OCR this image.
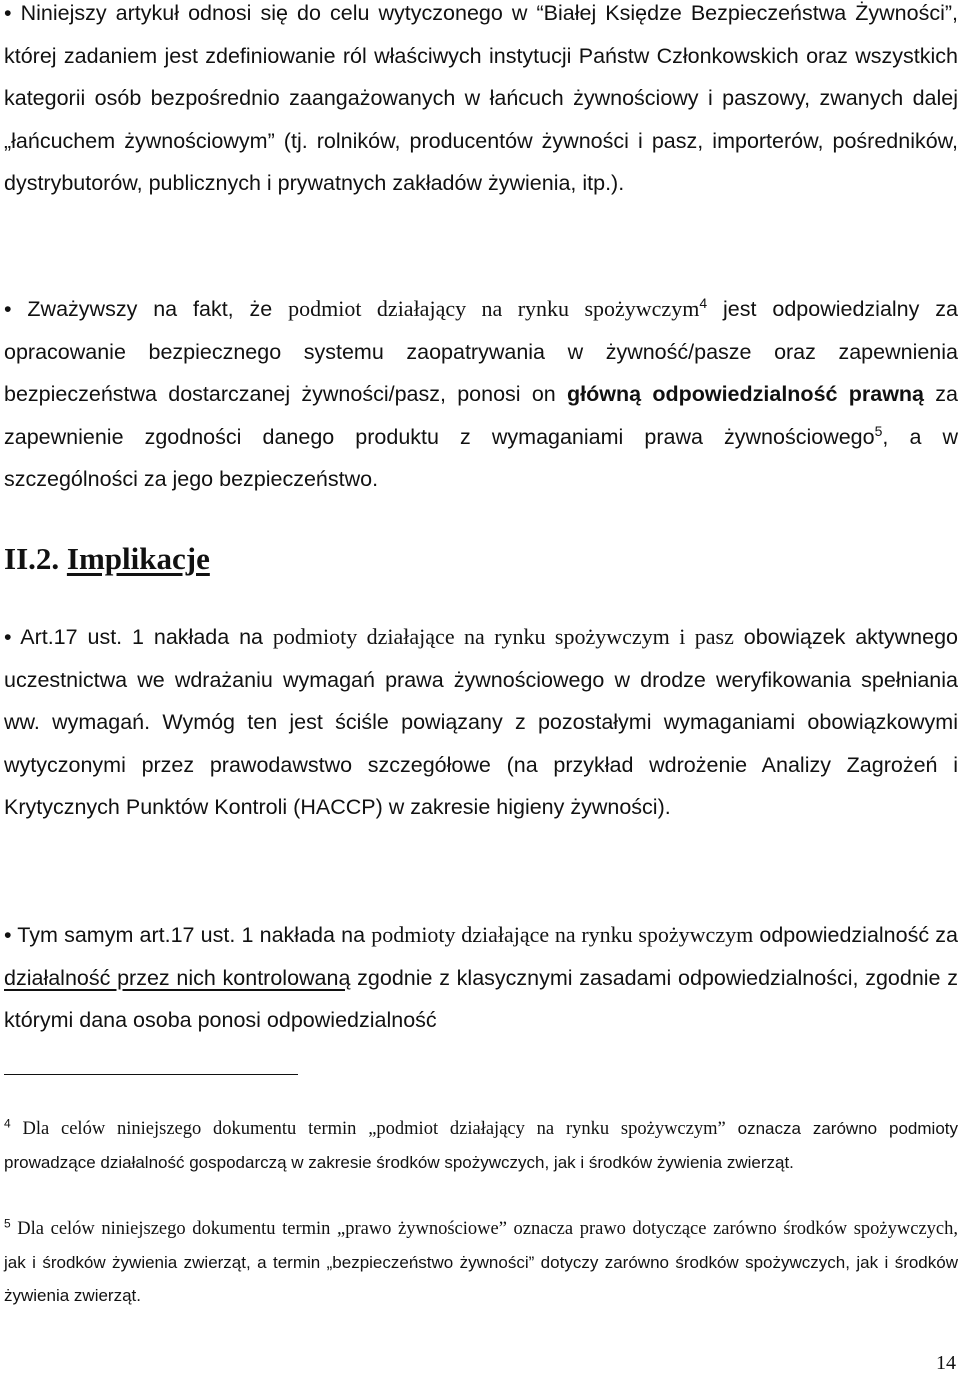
• Niniejszy artykuł odnosi się do celu wytyczonego w “Białej Księdze Bezpieczeństwa Żywności”, której zadaniem jest zdefiniowanie ról właściwych instytucji Państw Członkowskich oraz wszystkich kategorii osób bezpośrednio zaangażowanych w łańcuch żywnościowy i paszowy, zwanych dalej „łańcuchem żywnościowym” (tj. rolników, producentów żywności i pasz, importerów, pośredników, dystrybutorów, publicznych i prywatnych zakładów żywienia, itp.).
• Zważywszy na fakt, że podmiot działający na rynku spożywczym$^4$ jest odpowiedzialny za opracowanie bezpiecznego systemu zaopatrywania w żywność/pasze oraz zapewnienia bezpieczeństwa dostarczanej żywności/pasz, ponosi on główną odpowiedzialność prawną za zapewnienie zgodności danego produktu z wymaganiami prawa żywnościowego$^5$, a w szczególności za jego bezpieczeństwo.
II.2. Implikacje
• Art.17 ust. 1 nakłada na podmioty działające na rynku spożywczym i pasz obowiązek aktywnego uczestnictwa we wdrażaniu wymagań prawa żywnościowego w drodze weryfikowania spełniania ww. wymagań. Wymóg ten jest ściśle powiązany z pozostałymi wymaganiami obowiązkowymi wytyczonymi przez prawodawstwo szczegółowe (na przykład wdrożenie Analizy Zagrożeń i Krytycznych Punktów Kontroli (HACCP) w zakresie higieny żywności).
• Tym samym art.17 ust. 1 nakłada na podmioty działające na rynku spożywczym odpowiedzialność za działalność przez nich kontrolowaną zgodnie z klasycznymi zasadami odpowiedzialności, zgodnie z którymi dana osoba ponosi odpowiedzialność
$^4$ Dla celów niniejszego dokumentu termin „podmiot działający na rynku spożywczym” oznacza zarówno podmioty prowadzące działalność gospodarczą w zakresie środków spożywczych, jak i środków żywienia zwierząt.
$^5$ Dla celów niniejszego dokumentu termin „prawo żywnościowe” oznacza prawo dotyczące zarówno środków spożywczych, jak i środków żywienia zwierząt, a termin „bezpieczeństwo żywności” dotyczy zarówno środków spożywczych, jak i środków żywienia zwierząt.
14
